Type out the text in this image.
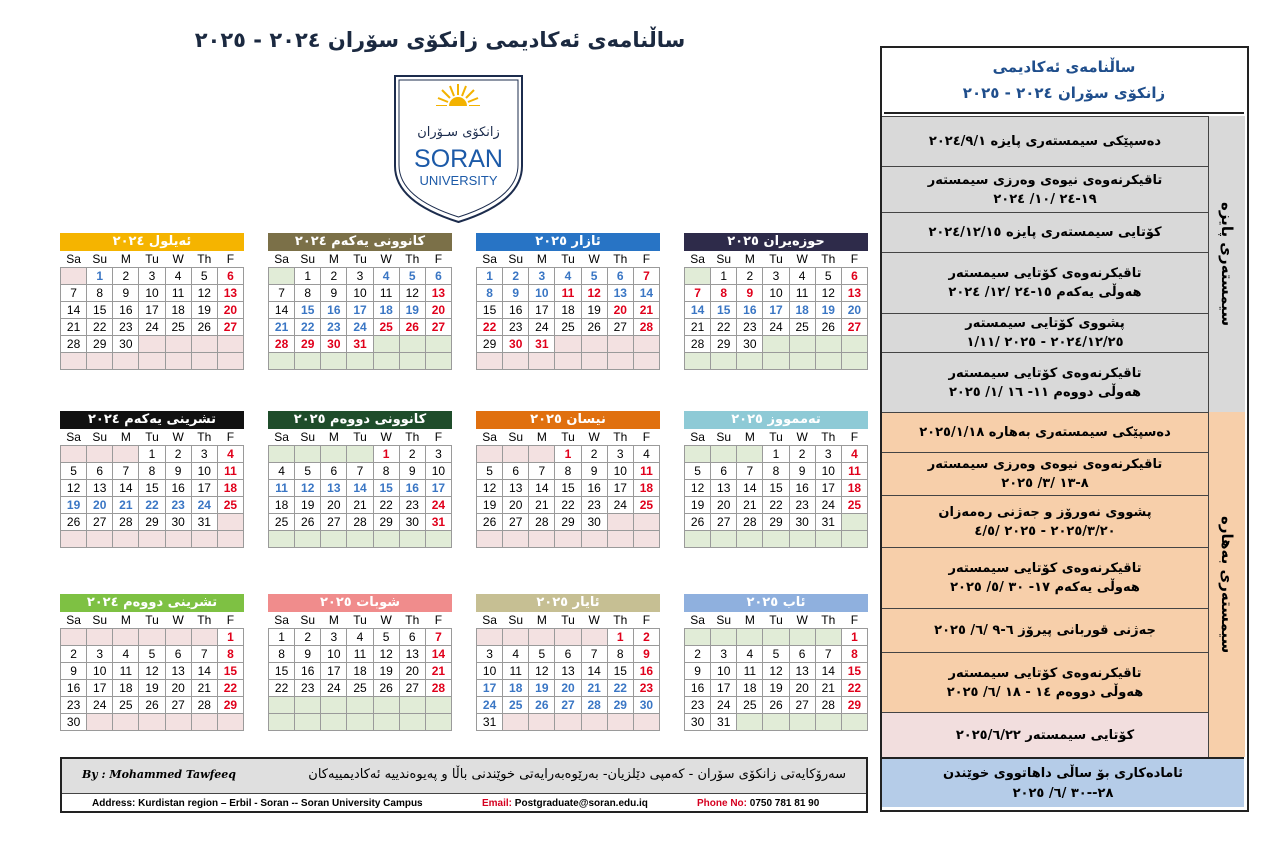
ساڵنامەی ئەكادیمی زانكۆی سۆران ٢٠٢٤ - ٢٠٢٥
زانكۆی سـۆران
SORAN
UNIVERSITY
ئەیلول ٢٠٢٤
Sa	Su	M	Tu	W	Th	F
	1	2	3	4	5	6
7	8	9	10	11	12	13
14	15	16	17	18	19	20
21	22	23	24	25	26	27
28	29	30				

كانوونی یەكەم ٢٠٢٤
Sa	Su	M	Tu	W	Th	F
	1	2	3	4	5	6
7	8	9	10	11	12	13
14	15	16	17	18	19	20
21	22	23	24	25	26	27
28	29	30	31			

ئازار ٢٠٢٥
Sa	Su	M	Tu	W	Th	F
1	2	3	4	5	6	7
8	9	10	11	12	13	14
15	16	17	18	19	20	21
22	23	24	25	26	27	28
29	30	31				

حوزەیران ٢٠٢٥
Sa	Su	M	Tu	W	Th	F
	1	2	3	4	5	6
7	8	9	10	11	12	13
14	15	16	17	18	19	20
21	22	23	24	25	26	27
28	29	30				

تشرینی یەكەم ٢٠٢٤
Sa	Su	M	Tu	W	Th	F
			1	2	3	4
5	6	7	8	9	10	11
12	13	14	15	16	17	18
19	20	21	22	23	24	25
26	27	28	29	30	31	

كانوونی دووەم ٢٠٢٥
Sa	Su	M	Tu	W	Th	F
				1	2	3
4	5	6	7	8	9	10
11	12	13	14	15	16	17
18	19	20	21	22	23	24
25	26	27	28	29	30	31

نیسان ٢٠٢٥
Sa	Su	M	Tu	W	Th	F
			1	2	3	4
5	6	7	8	9	10	11
12	13	14	15	16	17	18
19	20	21	22	23	24	25
26	27	28	29	30		

تەممووز ٢٠٢٥
Sa	Su	M	Tu	W	Th	F
			1	2	3	4
5	6	7	8	9	10	11
12	13	14	15	16	17	18
19	20	21	22	23	24	25
26	27	28	29	30	31	

تشرینی دووەم ٢٠٢٤
Sa	Su	M	Tu	W	Th	F
						1
2	3	4	5	6	7	8
9	10	11	12	13	14	15
16	17	18	19	20	21	22
23	24	25	26	27	28	29
30						
شوبات ٢٠٢٥
Sa	Su	M	Tu	W	Th	F
1	2	3	4	5	6	7
8	9	10	11	12	13	14
15	16	17	18	19	20	21
22	23	24	25	26	27	28

ئایار ٢٠٢٥
Sa	Su	M	Tu	W	Th	F
					1	2
3	4	5	6	7	8	9
10	11	12	13	14	15	16
17	18	19	20	21	22	23
24	25	26	27	28	29	30
31						
ئاب ٢٠٢٥
Sa	Su	M	Tu	W	Th	F
						1
2	3	4	5	6	7	8
9	10	11	12	13	14	15
16	17	18	19	20	21	22
23	24	25	26	27	28	29
30	31					
ساڵنامەی ئەكادیمی
زانكۆی سۆران ٢٠٢٤ - ٢٠٢٥
سیمستەری پایزە
سیمستەری بەهارە
دەسپێكی سیمستەری پایزە ٢٠٢٤/٩/١
تاقیكرنەوەی نیوەی وەرزی سیمستەر
١٩-٢٤ /١٠/ ٢٠٢٤
كۆتایی سیمستەری پایزە ٢٠٢٤/١٢/١٥
تاقیكرنەوەی كۆتایی سیمستەر
هەوڵی یەكەم ١٥-٢٤ /١٢/ ٢٠٢٤
پشووی كۆتایی سیمستەر
٢٠٢٤/١٢/٢٥ - ٢٠٢٥ /١/١١
تاقیكرنەوەی كۆتایی سیمستەر
هەوڵی دووەم ١١- ١٦ /١/ ٢٠٢٥
دەسپێكی سیمستەری بەهارە ٢٠٢٥/١/١٨
تاقیكرنەوەی نیوەی وەرزی سیمستەر
٨-١٣ /٣/ ٢٠٢٥
پشووی نەورۆز و جەژنی رەمەزان
٢٠٢٥/٣/٢٠ - ٢٠٢٥ /٤/٥
تاقیكرنەوەی كۆتایی سیمستەر
هەوڵی یەكەم ١٧- ٣٠ /٥/ ٢٠٢٥
جەژنی قوربانی پیرۆز ٦-٩ /٦/ ٢٠٢٥
تاقیكرنەوەی كۆتایی سیمستەر
هەوڵی دووەم ١٤ - ١٨ /٦/ ٢٠٢٥
كۆتایی سیمستەر ٢٠٢٥/٦/٢٢
ئامادەكاری بۆ ساڵی داهاتووی خوێندن
٢٨--٣٠ /٦/ ٢٠٢٥
By : Mohammed Tawfeeq	سەرۆكایەتی زانكۆی سۆران - كەمپی دێلزیان- بەرێوەبەرایەتی خوێندنی باڵا و پەیوەندییە ئەكادیمییەكان
Address: Kurdistan region – Erbil - Soran -- Soran University Campus	Email: Postgraduate@soran.edu.iq	Phone No: 0750 781 81 90
